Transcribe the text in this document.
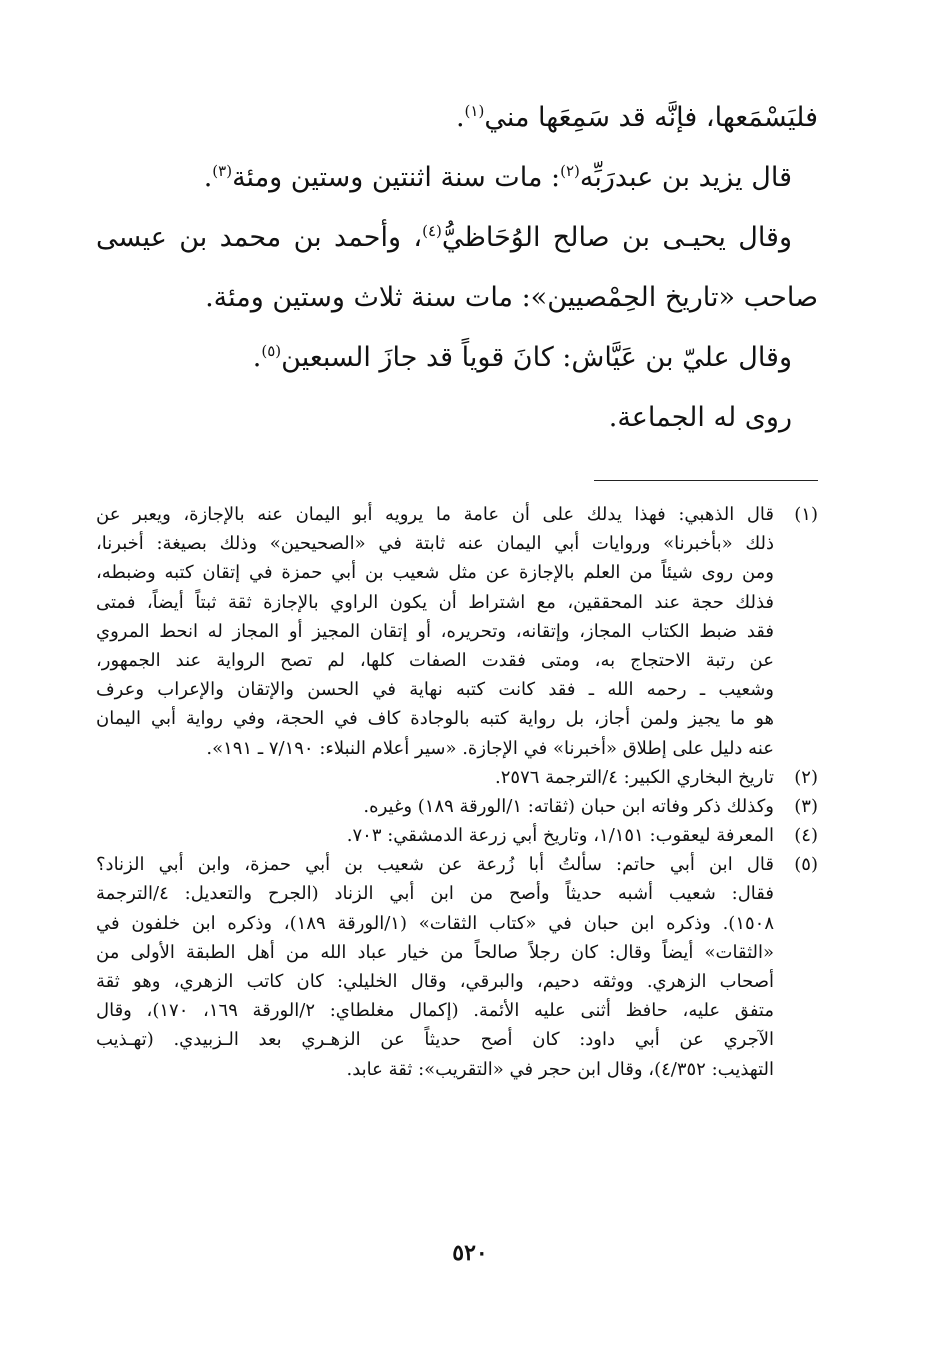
فليَسْمَعها، فإنَّه قد سَمِعَها مني$^{(١)}$.
قال يزيد بن عبدرَبِّه$^{(٢)}$: مات سنة اثنتين وستين ومئة$^{(٣)}$.
وقال يحيـى بن صالح الوُحَاظيُّ$^{(٤)}$، وأحمد بن محمد بن عيسى
صاحب «تاريخ الحِمْصيين»: مات سنة ثلاث وستين ومئة.
وقال عليّ بن عَيَّاش: كانَ قوياً قد جازَ السبعين$^{(٥)}$.
روى له الجماعة.
(١)
قال الذهبي: فهذا يدلك على أن عامة ما يرويه أبو اليمان عنه بالإجازة، ويعبر عن
ذلك «بأخبرنا» وروايات أبي اليمان عنه ثابتة في «الصحيحين» وذلك بصيغة: أخبرنا،
ومن روى شيئاً من العلم بالإجازة عن مثل شعيب بن أبي حمزة في إتقان كتبه وضبطه،
فذلك حجة عند المحققين، مع اشتراط أن يكون الراوي بالإجازة ثقة ثبتاً أيضاً، فمتى
فقد ضبط الكتاب المجاز، وإتقانه، وتحريره، أو إتقان المجيز أو المجاز له انحط المروي
عن رتبة الاحتجاج به، ومتى فقدت الصفات كلها، لم تصح الرواية عند الجمهور،
وشعيب ـ رحمه الله ـ فقد كانت كتبه نهاية في الحسن والإتقان والإعراب وعرف
هو ما يجيز ولمن أجاز، بل رواية كتبه بالوجادة كاف في الحجة، وفي رواية أبي اليمان
عنه دليل على إطلاق «أخبرنا» في الإجازة. «سير أعلام النبلاء: ٧/١٩٠ ـ ١٩١».
(٢)
تاريخ البخاري الكبير: ٤/الترجمة ٢٥٧٦.
(٣)
وكذلك ذكر وفاته ابن حبان (ثقاته: ١/الورقة ١٨٩) وغيره.
(٤)
المعرفة ليعقوب: ١/١٥١، وتاريخ أبي زرعة الدمشقي: ٧٠٣.
(٥)
قال ابن أبي حاتم: سألتُ أبا زُرعة عن شعيب بن أبي حمزة، وابن أبي الزناد؟
فقال: شعيب أشبه حديثاً وأصح من ابن أبي الزناد (الجرح والتعديل: ٤/الترجمة
١٥٠٨). وذكره ابن حبان في «كتاب الثقات» (١/الورقة ١٨٩)، وذكره ابن خلفون في
«الثقات» أيضاً وقال: كان رجلاً صالحاً من خيار عباد الله من أهل الطبقة الأولى من
أصحاب الزهري. ووثقه دحيم، والبرقي، وقال الخليلي: كان كاتب الزهري، وهو ثقة
متفق عليه، حافظ أثنى عليه الأئمة. (إكمال مغلطاي: ٢/الورقة ١٦٩، ١٧٠)، وقال
الآجري عن أبي داود: كان أصح حديثاً عن الزهـري بعد الـزبيدي. (تهـذيب
التهذيب: ٤/٣٥٢)، وقال ابن حجر في «التقريب»: ثقة عابد.
٥٢٠
